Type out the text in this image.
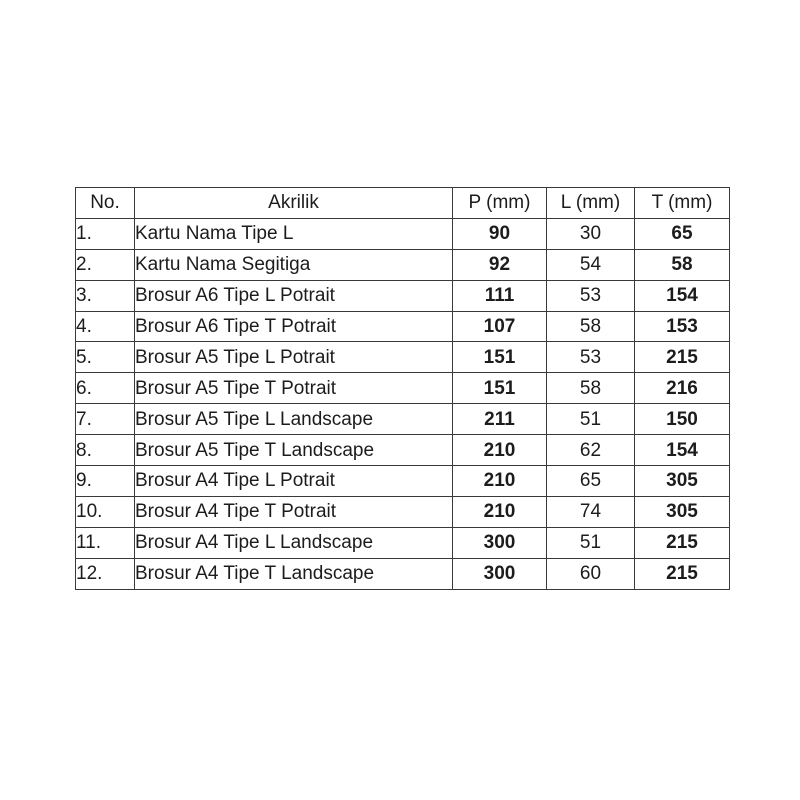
No.	Akrilik	P (mm)	L (mm)	T (mm)
1.	Kartu Nama Tipe L	90	30	65
2.	Kartu Nama Segitiga	92	54	58
3.	Brosur A6 Tipe L Potrait	111	53	154
4.	Brosur A6 Tipe T Potrait	107	58	153
5.	Brosur A5 Tipe L Potrait	151	53	215
6.	Brosur A5 Tipe T Potrait	151	58	216
7.	Brosur A5 Tipe L Landscape	211	51	150
8.	Brosur A5 Tipe T Landscape	210	62	154
9.	Brosur A4 Tipe L Potrait	210	65	305
10.	Brosur A4 Tipe T Potrait	210	74	305
11.	Brosur A4 Tipe L Landscape	300	51	215
12.	Brosur A4 Tipe T Landscape	300	60	215
